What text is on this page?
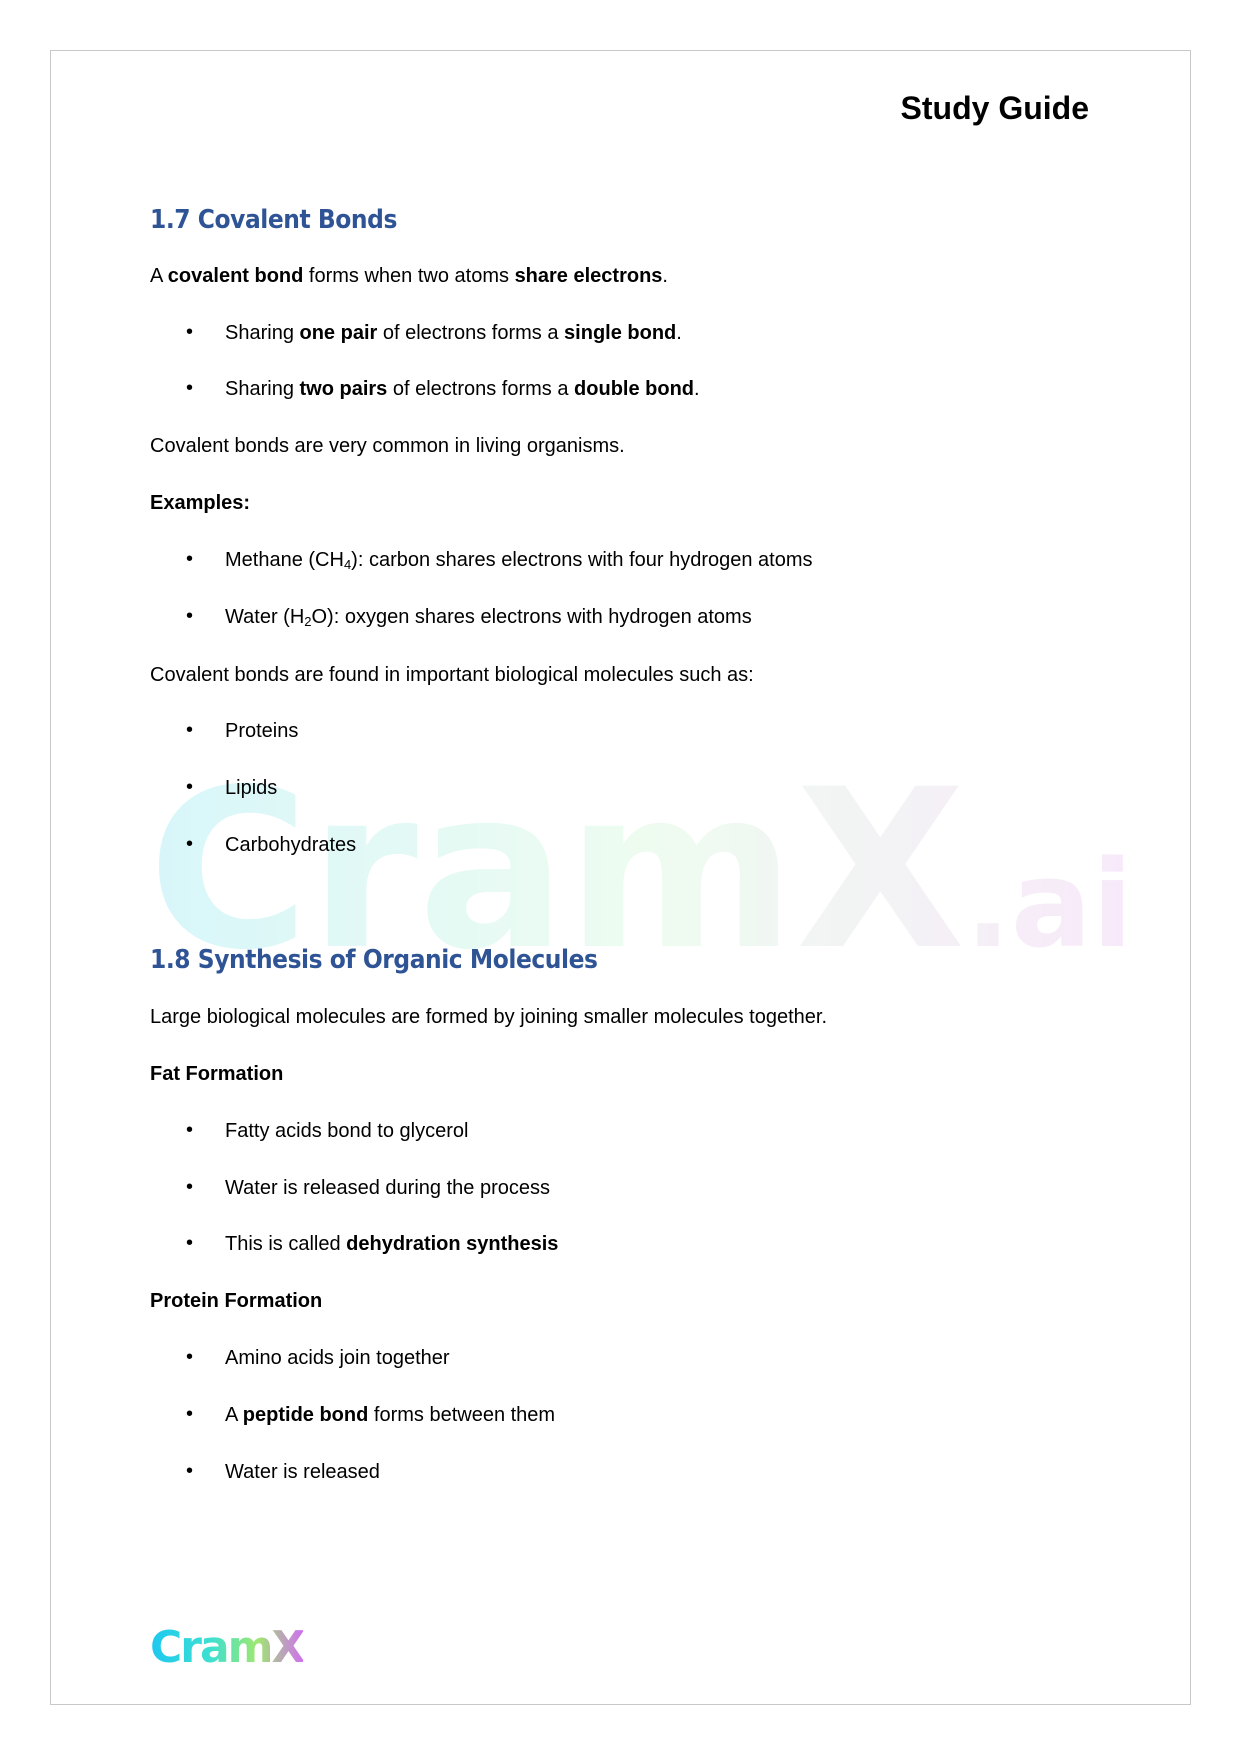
CramX.ai
Study Guide
1.7 Covalent Bonds
A covalent bond forms when two atoms share electrons.
• Sharing one pair of electrons forms a single bond.
• Sharing two pairs of electrons forms a double bond.
Covalent bonds are very common in living organisms.
Examples:
• Methane $(CH_4)$: carbon shares electrons with four hydrogen atoms
• Water $(H_2O)$: oxygen shares electrons with hydrogen atoms
Covalent bonds are found in important biological molecules such as:
• Proteins
• Lipids
• Carbohydrates
1.8 Synthesis of Organic Molecules
Large biological molecules are formed by joining smaller molecules together.
Fat Formation
• Fatty acids bond to glycerol
• Water is released during the process
• This is called dehydration synthesis
Protein Formation
• Amino acids join together
• A peptide bond forms between them
• Water is released
CramX
